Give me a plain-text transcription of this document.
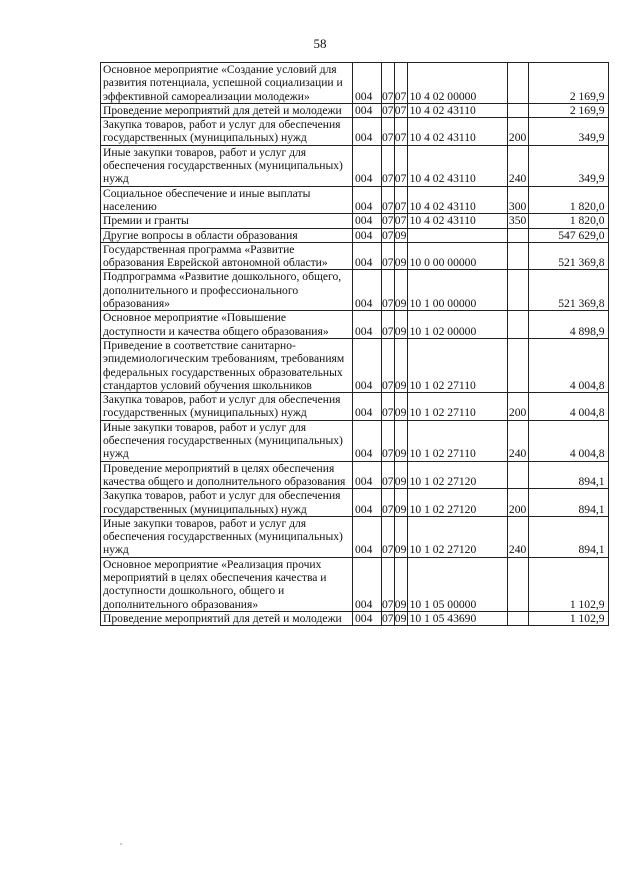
58
Основное мероприятие «Создание условий для развития потенциала, успешной социализации и эффективной самореализации молодежи»	004	07	07	10 4 02 00000		2 169,9
Проведение мероприятий для детей и молодежи	004	07	07	10 4 02 43110		2 169,9
Закупка товаров, работ и услуг для обеспечения государственных (муниципальных) нужд	004	07	07	10 4 02 43110	200	349,9
Иные закупки товаров, работ и услуг для обеспечения государственных (муниципальных) нужд	004	07	07	10 4 02 43110	240	349,9
Социальное обеспечение и иные выплаты населению	004	07	07	10 4 02 43110	300	1 820,0
Премии и гранты	004	07	07	10 4 02 43110	350	1 820,0
Другие вопросы в области образования	004	07	09			547 629,0
Государственная программа «Развитие образования Еврейской автономной области»	004	07	09	10 0 00 00000		521 369,8
Подпрограмма «Развитие дошкольного, общего, дополнительного и профессионального образования»	004	07	09	10 1 00 00000		521 369,8
Основное мероприятие «Повышение доступности и качества общего образования»	004	07	09	10 1 02 00000		4 898,9
Приведение в соответствие санитарно-эпидемиологическим требованиям, требованиям федеральных государственных образовательных стандартов условий обучения школьников	004	07	09	10 1 02 27110		4 004,8
Закупка товаров, работ и услуг для обеспечения государственных (муниципальных) нужд	004	07	09	10 1 02 27110	200	4 004,8
Иные закупки товаров, работ и услуг для обеспечения государственных (муниципальных) нужд	004	07	09	10 1 02 27110	240	4 004,8
Проведение мероприятий в целях обеспечения качества общего и дополнительного образования	004	07	09	10 1 02 27120		894,1
Закупка товаров, работ и услуг для обеспечения государственных (муниципальных) нужд	004	07	09	10 1 02 27120	200	894,1
Иные закупки товаров, работ и услуг для обеспечения государственных (муниципальных) нужд	004	07	09	10 1 02 27120	240	894,1
Основное мероприятие «Реализация прочих мероприятий в целях обеспечения качества и доступности дошкольного, общего и дополнительного образования»	004	07	09	10 1 05 00000		1 102,9
Проведение мероприятий для детей и молодежи	004	07	09	10 1 05 43690		1 102,9
